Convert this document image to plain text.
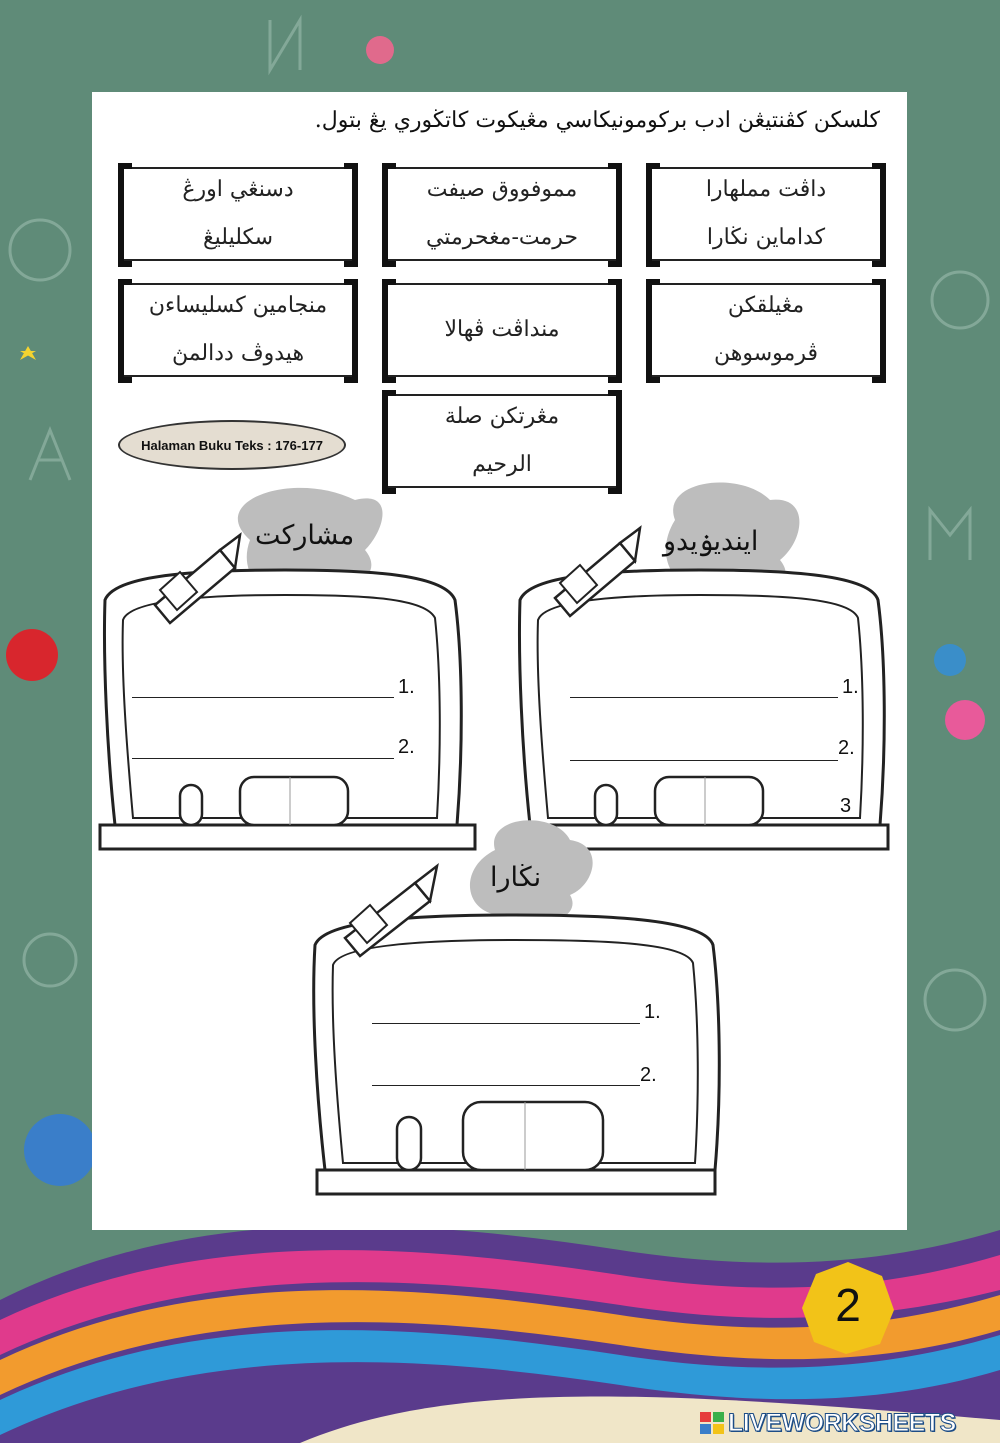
كلسكن كڤنتيڠن ادب بركومونيكاسي مڠيكوت كاتڬوري يڠ بتول.
داڤت مملهارا
كداماين نڬارا
مموفووق صيفت
حرمت-مغحرمتي
دسنڠي اورڠ
سكليليڠ
مڠيلقكن
ڤرموسوهن
منداڤت ڤهالا
منجامين كسليساءن
هيدوڤ ددالمڽ
مڠرتكن صلة
الرحيم
Halaman Buku Teks : 176-177
مشاركت
1.
2.
ايندیۏيدو
1.
2.
3
نڬارا
1.
2.
2
LIVEWORKSHEETS
